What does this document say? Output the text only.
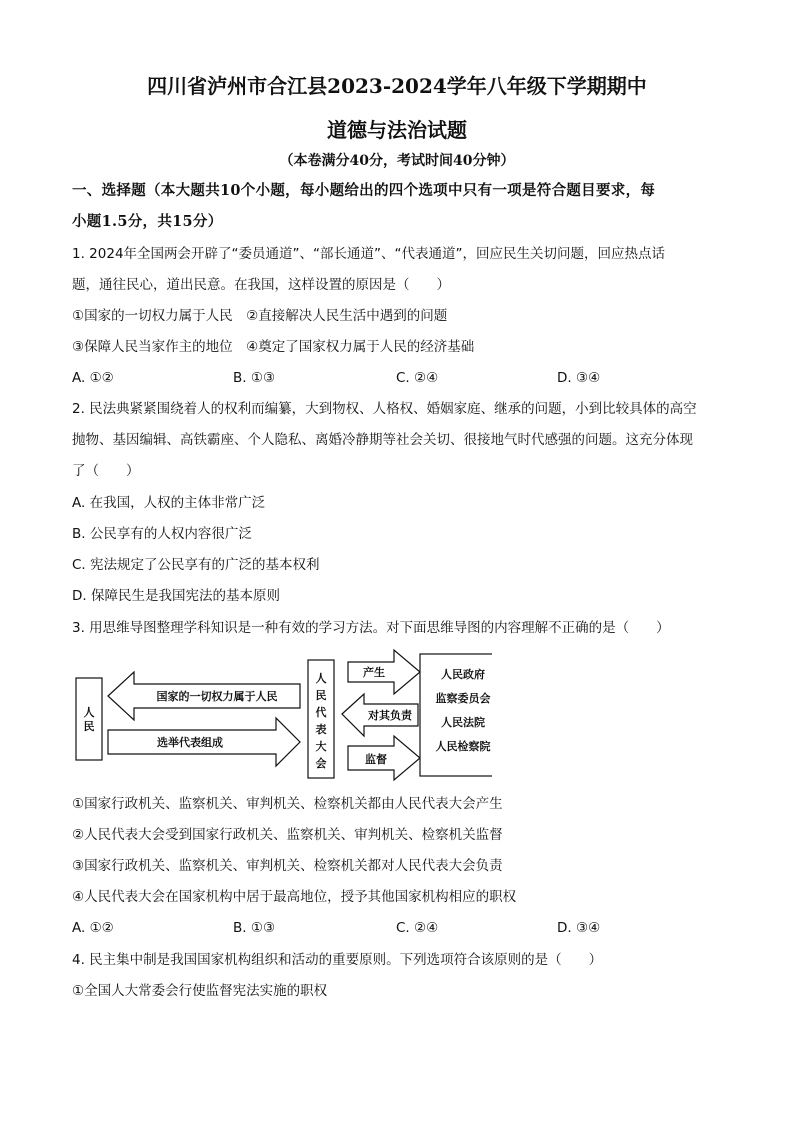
四川省泸州市合江县2023-2024学年八年级下学期期中
道德与法治试题
（本卷满分40分，考试时间40分钟）
一、选择题（本大题共10个小题，每小题给出的四个选项中只有一项是符合题目要求，每
小题1.5分，共15分）
1. 2024年全国两会开辟了“委员通道”、“部长通道”、“代表通道”，回应民生关切问题，回应热点话
题，通往民心，道出民意。在我国，这样设置的原因是（　　）
①国家的一切权力属于人民　②直接解决人民生活中遇到的问题
③保障人民当家作主的地位　④奠定了国家权力属于人民的经济基础
A. ①②	B. ①③	C. ②④	D. ③④
2. 民法典紧紧围绕着人的权利而编纂，大到物权、人格权、婚姻家庭、继承的问题，小到比较具体的高空
抛物、基因编辑、高铁霸座、个人隐私、离婚冷静期等社会关切、很接地气时代感强的问题。这充分体现
了（　　）
A. 在我国，人权的主体非常广泛
B. 公民享有的人权内容很广泛
C. 宪法规定了公民享有的广泛的基本权利
D. 保障民生是我国宪法的基本原则
3. 用思维导图整理学科知识是一种有效的学习方法。对下面思维导图的内容理解不正确的是（　　）
人
民
国家的一切权力属于人民
选举代表组成
人
民
代
表
大
会
产生
对其负责
监督
人民政府
监察委员会
人民法院
人民检察院
①国家行政机关、监察机关、审判机关、检察机关都由人民代表大会产生
②人民代表大会受到国家行政机关、监察机关、审判机关、检察机关监督
③国家行政机关、监察机关、审判机关、检察机关都对人民代表大会负责
④人民代表大会在国家机构中居于最高地位，授予其他国家机构相应的职权
A. ①②	B. ①③	C. ②④	D. ③④
4. 民主集中制是我国国家机构组织和活动的重要原则。下列选项符合该原则的是（　　）
①全国人大常委会行使监督宪法实施的职权
